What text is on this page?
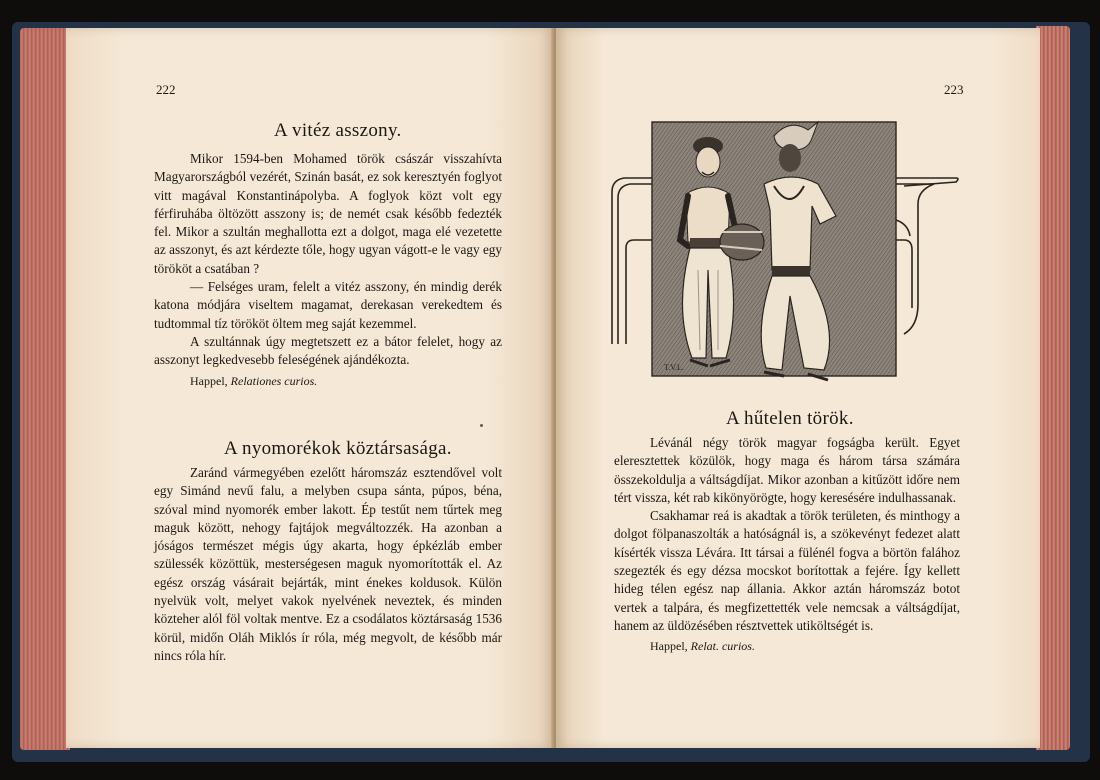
222
A vitéz asszony.

Mikor 1594-ben Mohamed török császár visszahívta Magyarországból vezérét, Szinán basát, ez sok keresztyén foglyot vitt magával Konstantinápolyba. A foglyok közt volt egy férfiruhába öltözött asszony is; de nemét csak később fedezték fel. Mikor a szultán meghallotta ezt a dolgot, maga elé vezetette az asszonyt, és azt kérdezte tőle, hogy ugyan vágott-e le vagy egy törököt a csatában ?

— Felséges uram, felelt a vitéz asszony, én mindig derék katona módjára viseltem magamat, derekasan verekedtem és tudtommal tíz törököt öltem meg saját kezemmel.

A szultánnak úgy megtetszett ez a bátor felelet, hogy az asszonyt legkedvesebb feleségének ajándékozta.

Happel, Relationes curios.

A nyomorékok köztársasága.

Zaránd vármegyében ezelőtt háromszáz esztendővel volt egy Simánd nevű falu, a melyben csupa sánta, púpos, béna, szóval mind nyomorék ember lakott. Ép testűt nem tűrtek meg maguk között, nehogy fajtájok megváltozzék. Ha azonban a jóságos természet mégis úgy akarta, hogy épkézláb ember szülessék közöttük, mesterségesen maguk nyomorították el. Az egész ország vásárait bejárták, mint énekes koldusok. Külön nyelvük volt, melyet vakok nyelvének neveztek, és minden közteher alól föl voltak mentve. Ez a csodálatos köztársaság 1536 körül, midőn Oláh Miklós ír róla, még megvolt, de később már nincs róla hír.

223
T.V.L.
A hűtelen török.

Lévánál négy török magyar fogságba került. Egyet eleresztettek közülök, hogy maga és három társa számára összekoldulja a váltságdíjat. Mikor azonban a kitűzött időre nem tért vissza, két rab kikönyörögte, hogy keresésére indulhassanak.

Csakhamar reá is akadtak a török területen, és minthogy a dolgot fölpanaszolták a hatóságnál is, a szökevényt fedezet alatt kísérték vissza Lévára. Itt társai a fülénél fogva a börtön falához szegezték és egy dézsa mocskot borítottak a fejére. Így kellett hideg télen egész nap állania. Akkor aztán háromszáz botot vertek a talpára, és megfizettették vele nemcsak a váltságdíjat, hanem az üldözésében résztvettek utiköltségét is.

Happel, Relat. curios.
